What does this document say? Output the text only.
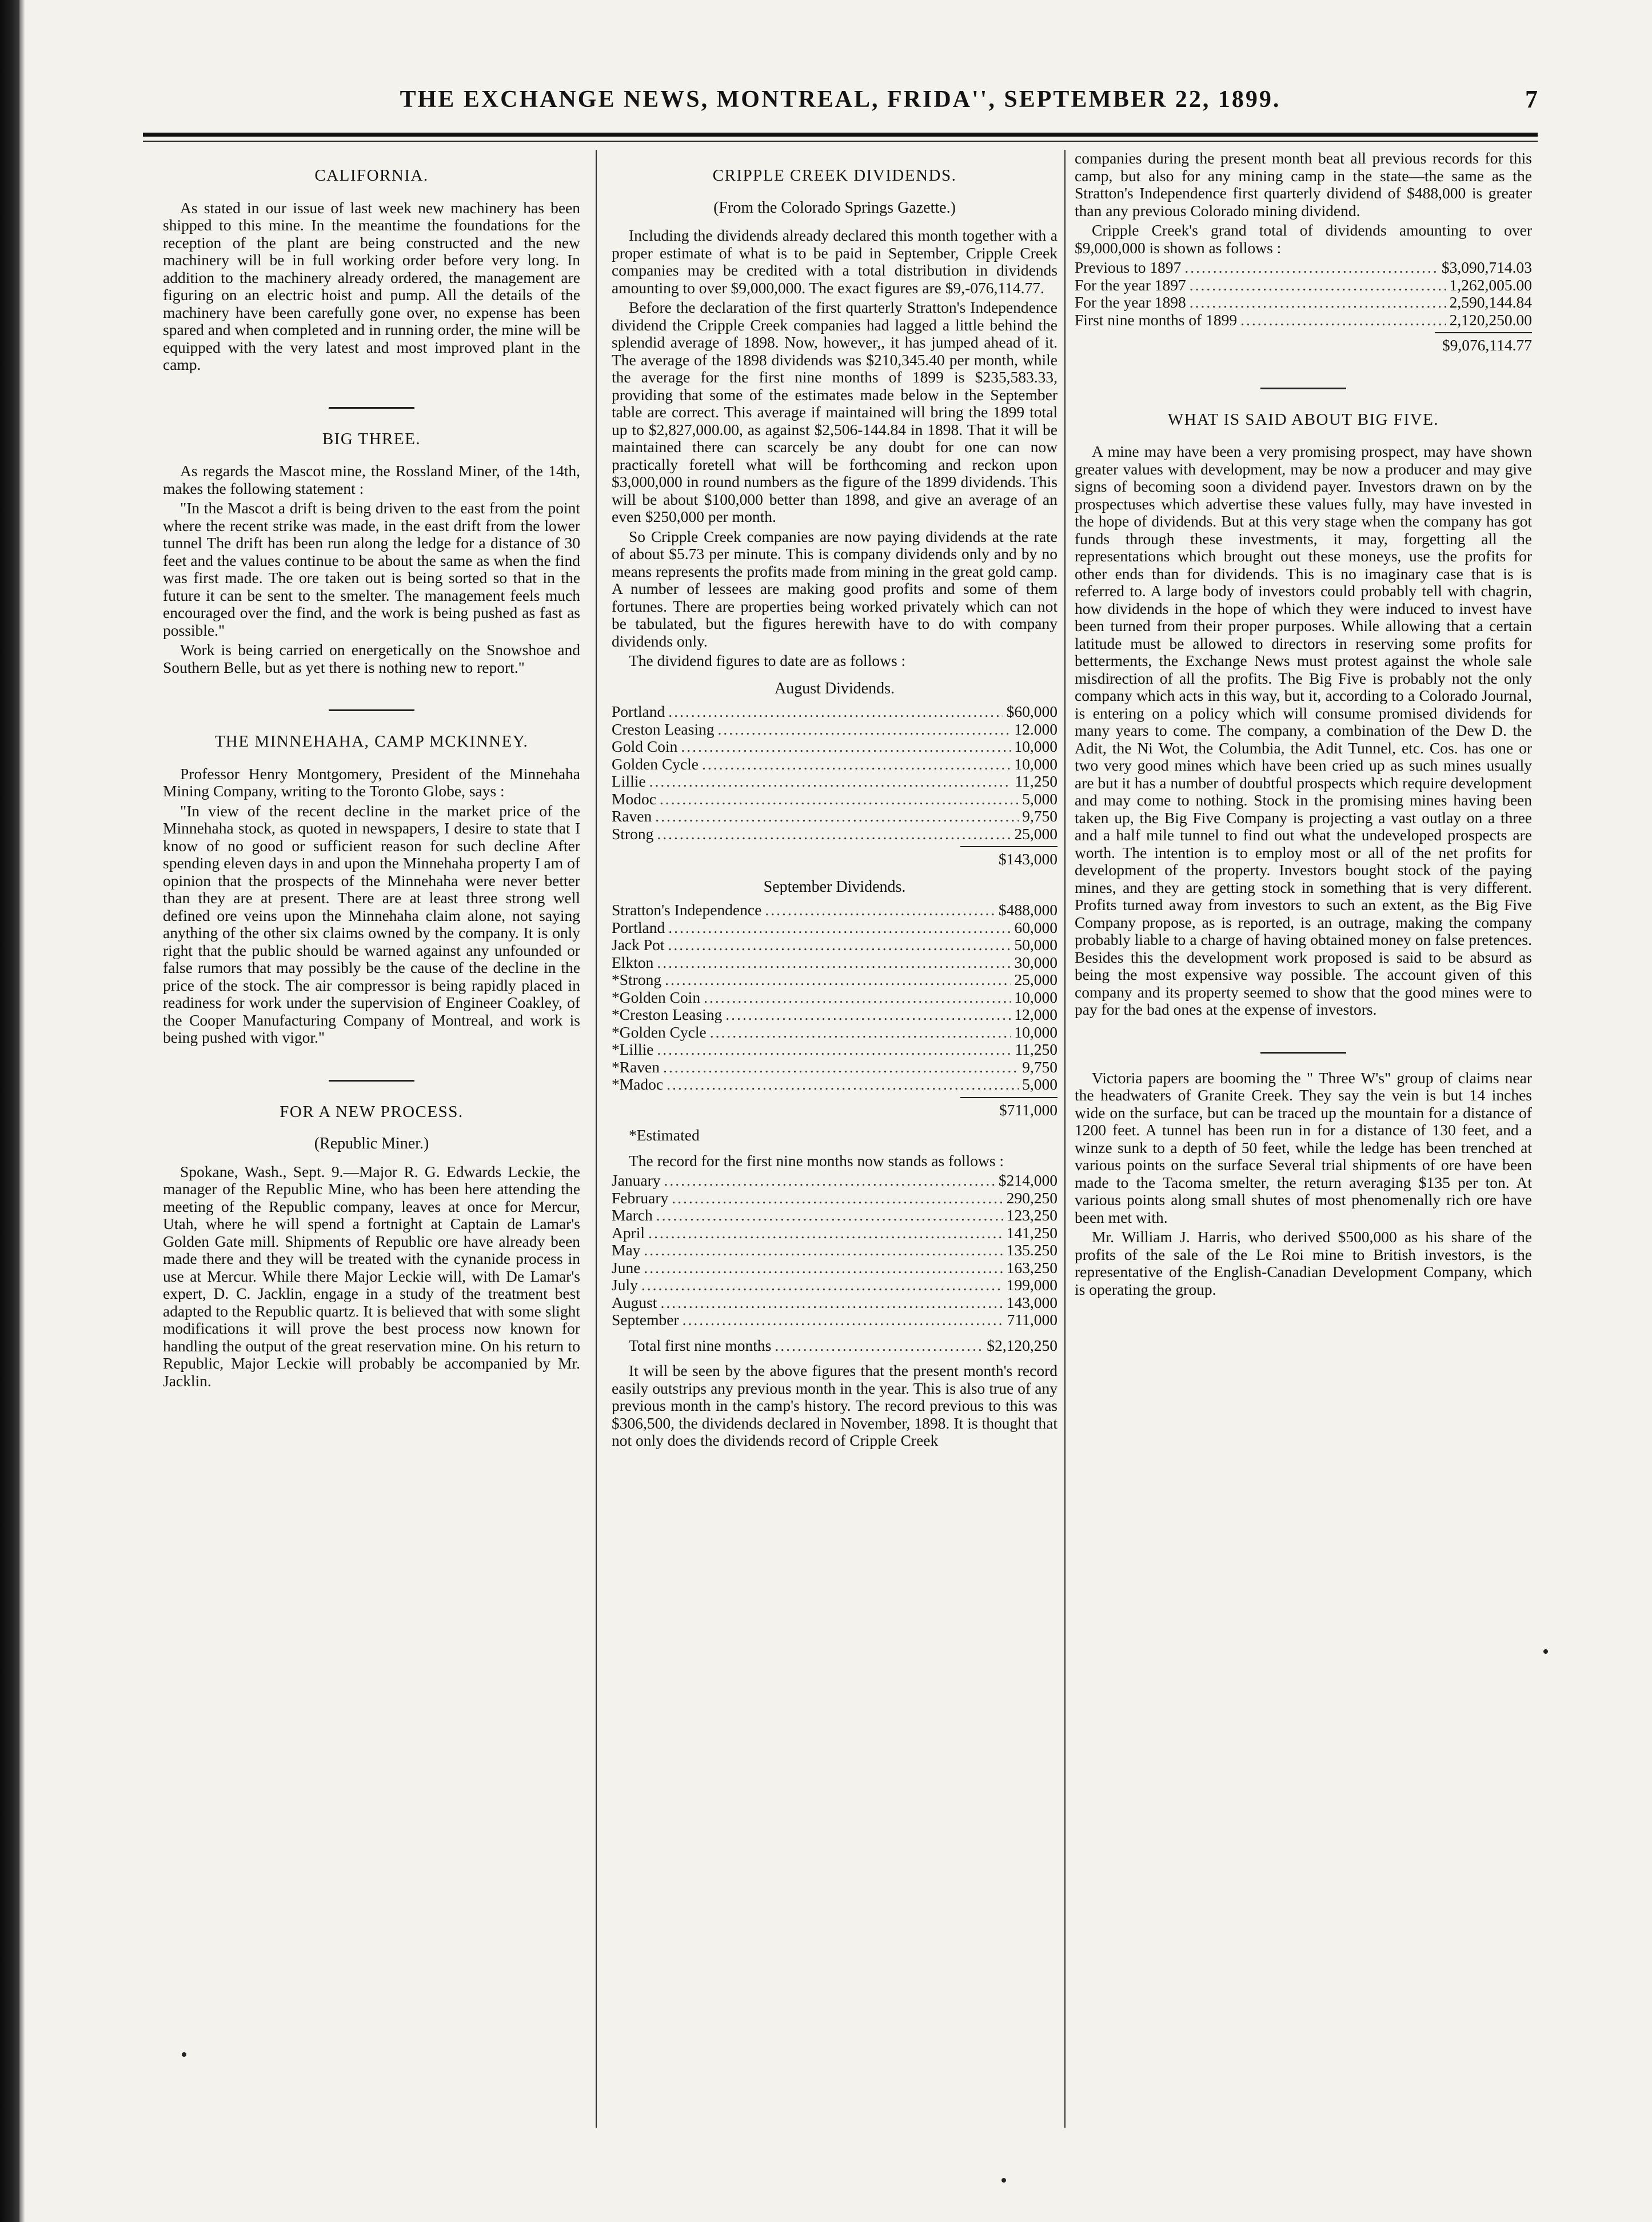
THE EXCHANGE NEWS, MONTREAL, FRIDA'', SEPTEMBER 22, 1899.	7
CALIFORNIA.

As stated in our issue of last week new machinery has been shipped to this mine. In the meantime the foundations for the reception of the plant are being constructed and the new machinery will be in full working order before very long. In addition to the machinery already ordered, the management are figuring on an electric hoist and pump. All the details of the machinery have been carefully gone over, no expense has been spared and when completed and in running order, the mine will be equipped with the very latest and most improved plant in the camp.

BIG THREE.

As regards the Mascot mine, the Rossland Miner, of the 14th, makes the following statement :

"In the Mascot a drift is being driven to the east from the point where the recent strike was made, in the east drift from the lower tunnel The drift has been run along the ledge for a distance of 30 feet and the values continue to be about the same as when the find was first made. The ore taken out is being sorted so that in the future it can be sent to the smelter. The management feels much encouraged over the find, and the work is being pushed as fast as possible."

Work is being carried on energetically on the Snowshoe and Southern Belle, but as yet there is nothing new to report."

THE MINNEHAHA, CAMP MCKINNEY.

Professor Henry Montgomery, President of the Minnehaha Mining Company, writing to the Toronto Globe, says :

"In view of the recent decline in the market price of the Minnehaha stock, as quoted in newspapers, I desire to state that I know of no good or sufficient reason for such decline After spending eleven days in and upon the Minnehaha property I am of opinion that the prospects of the Minnehaha were never better than they are at present. There are at least three strong well defined ore veins upon the Minnehaha claim alone, not saying anything of the other six claims owned by the company. It is only right that the public should be warned against any unfounded or false rumors that may possibly be the cause of the decline in the price of the stock. The air compressor is being rapidly placed in readiness for work under the supervision of Engineer Coakley, of the Cooper Manufacturing Company of Montreal, and work is being pushed with vigor."

FOR A NEW PROCESS.
(Republic Miner.)

Spokane, Wash., Sept. 9.—Major R. G. Edwards Leckie, the manager of the Republic Mine, who has been here attending the meeting of the Republic company, leaves at once for Mercur, Utah, where he will spend a fortnight at Captain de Lamar's Golden Gate mill. Shipments of Republic ore have already been made there and they will be treated with the cynanide process in use at Mercur. While there Major Leckie will, with De Lamar's expert, D. C. Jacklin, engage in a study of the treatment best adapted to the Republic quartz. It is believed that with some slight modifications it will prove the best process now known for handling the output of the great reservation mine. On his return to Republic, Major Leckie will probably be accompanied by Mr. Jacklin.

CRIPPLE CREEK DIVIDENDS.
(From the Colorado Springs Gazette.)

Including the dividends already declared this month together with a proper estimate of what is to be paid in September, Cripple Creek companies may be credited with a total distribution in dividends amounting to over $9,000,000. The exact figures are $9,-076,114.77.

Before the declaration of the first quarterly Stratton's Independence dividend the Cripple Creek companies had lagged a little behind the splendid average of 1898. Now, however,, it has jumped ahead of it. The average of the 1898 dividends was $210,345.40 per month, while the average for the first nine months of 1899 is $235,583.33, providing that some of the estimates made below in the September table are correct. This average if maintained will bring the 1899 total up to $2,827,000.00, as against $2,506-144.84 in 1898. That it will be maintained there can scarcely be any doubt for one can now practically foretell what will be forthcoming and reckon upon $3,000,000 in round numbers as the figure of the 1899 dividends. This will be about $100,000 better than 1898, and give an average of an even $250,000 per month.

So Cripple Creek companies are now paying dividends at the rate of about $5.73 per minute. This is company dividends only and by no means represents the profits made from mining in the great gold camp. A number of lessees are making good profits and some of them fortunes. There are properties being worked privately which can not be tabulated, but the figures herewith have to do with company dividends only.

The dividend figures to date are as follows :

August Dividends.
Portland .....	$60,000
Creston Leasing .....	12.000
Gold Coin .....	10,000
Golden Cycle .....	10,000
Lillie .....	11,250
Modoc .....	5,000
Raven .....	9,750
Strong .....	25,000
$143,000
September Dividends.
Stratton's Independence .....	$488,000
Portland .....	60,000
Jack Pot .....	50,000
Elkton .....	30,000
*Strong .....	25,000
*Golden Coin .....	10,000
*Creston Leasing .....	12,000
*Golden Cycle .....	10,000
*Lillie .....	11,250
*Raven .....	9,750
*Madoc .....	5,000
$711,000
*Estimated

The record for the first nine months now stands as follows :

January .....	$214,000
February .....	290,250
March .....	123,250
April .....	141,250
May .....	135.250
June .....	163,250
July .....	199,000
August .....	143,000
September .....	711,000
Total first nine months .....	$2,120,250

It will be seen by the above figures that the present month's record easily outstrips any previous month in the year. This is also true of any previous month in the camp's history. The record previous to this was $306,500, the dividends declared in November, 1898. It is thought that not only does the dividends record of Cripple Creek

companies during the present month beat all previous records for this camp, but also for any mining camp in the state—the same as the Stratton's Independence first quarterly dividend of $488,000 is greater than any previous Colorado mining dividend.

Cripple Creek's grand total of dividends amounting to over $9,000,000 is shown as follows :

Previous to 1897 .....	$3,090,714.03
For the year 1897 .....	1,262,005.00
For the year 1898 .....	2,590,144.84
First nine months of 1899 .....	2,120,250.00
$9,076,114.77
WHAT IS SAID ABOUT BIG FIVE.

A mine may have been a very promising prospect, may have shown greater values with development, may be now a producer and may give signs of becoming soon a dividend payer. Investors drawn on by the prospectuses which advertise these values fully, may have invested in the hope of dividends. But at this very stage when the company has got funds through these investments, it may, forgetting all the representations which brought out these moneys, use the profits for other ends than for dividends. This is no imaginary case that is is referred to. A large body of investors could probably tell with chagrin, how dividends in the hope of which they were induced to invest have been turned from their proper purposes. While allowing that a certain latitude must be allowed to directors in reserving some profits for betterments, the Exchange News must protest against the whole sale misdirection of all the profits. The Big Five is probably not the only company which acts in this way, but it, according to a Colorado Journal, is entering on a policy which will consume promised dividends for many years to come. The company, a combination of the Dew D. the Adit, the Ni Wot, the Columbia, the Adit Tunnel, etc. Cos. has one or two very good mines which have been cried up as such mines usually are but it has a number of doubtful prospects which require development and may come to nothing. Stock in the promising mines having been taken up, the Big Five Company is projecting a vast outlay on a three and a half mile tunnel to find out what the undeveloped prospects are worth. The intention is to employ most or all of the net profits for development of the property. Investors bought stock of the paying mines, and they are getting stock in something that is very different. Profits turned away from investors to such an extent, as the Big Five Company propose, as is reported, is an outrage, making the company probably liable to a charge of having obtained money on false pretences. Besides this the development work proposed is said to be absurd as being the most expensive way possible. The account given of this company and its property seemed to show that the good mines were to pay for the bad ones at the expense of investors.

Victoria papers are booming the " Three W's" group of claims near the headwaters of Granite Creek. They say the vein is but 14 inches wide on the surface, but can be traced up the mountain for a distance of 1200 feet. A tunnel has been run in for a distance of 130 feet, and a winze sunk to a depth of 50 feet, while the ledge has been trenched at various points on the surface Several trial shipments of ore have been made to the Tacoma smelter, the return averaging $135 per ton. At various points along small shutes of most phenomenally rich ore have been met with.

Mr. William J. Harris, who derived $500,000 as his share of the profits of the sale of the Le Roi mine to British investors, is the representative of the English-Canadian Development Company, which is operating the group.
